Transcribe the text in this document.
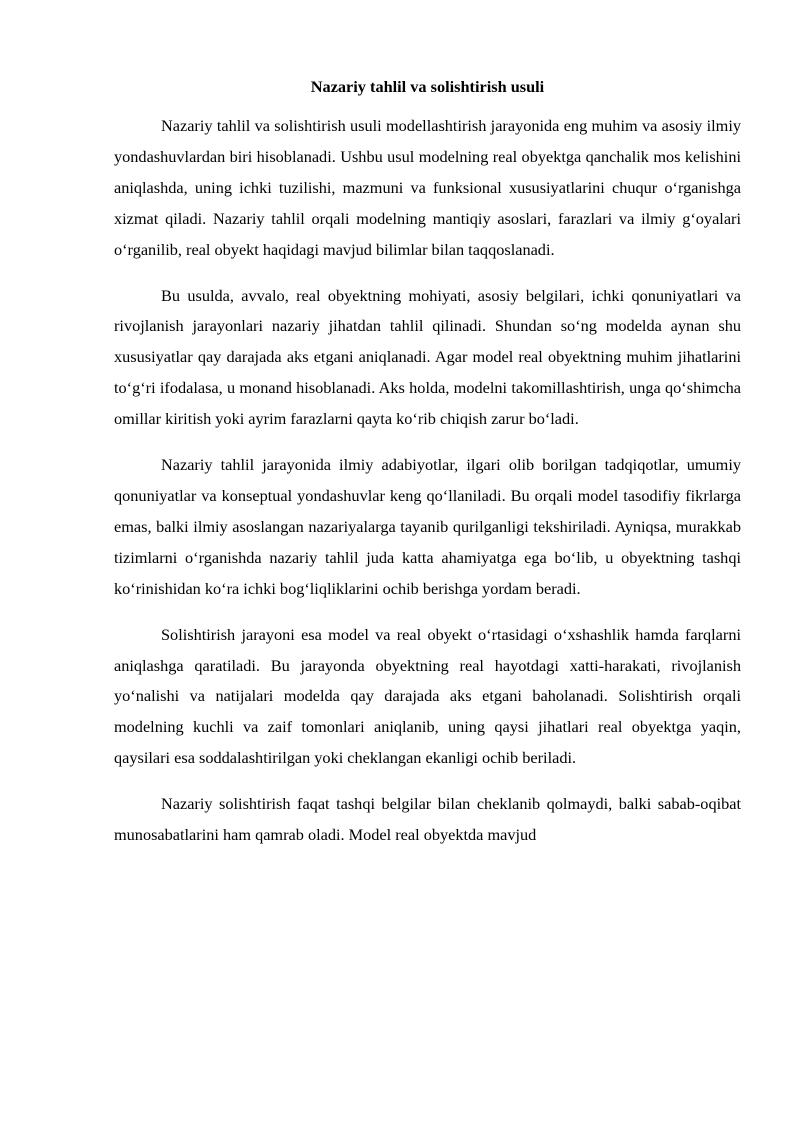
Nazariy tahlil va solishtirish usuli

Nazariy tahlil va solishtirish usuli modellashtirish jarayonida eng muhim va asosiy ilmiy yondashuvlardan biri hisoblanadi. Ushbu usul modelning real obyektga qanchalik mos kelishini aniqlashda, uning ichki tuzilishi, mazmuni va funksional xususiyatlarini chuqur o‘rganishga xizmat qiladi. Nazariy tahlil orqali modelning mantiqiy asoslari, farazlari va ilmiy g‘oyalari o‘rganilib, real obyekt haqidagi mavjud bilimlar bilan taqqoslanadi.

Bu usulda, avvalo, real obyektning mohiyati, asosiy belgilari, ichki qonuniyatlari va rivojlanish jarayonlari nazariy jihatdan tahlil qilinadi. Shundan so‘ng modelda aynan shu xususiyatlar qay darajada aks etgani aniqlanadi. Agar model real obyektning muhim jihatlarini to‘g‘ri ifodalasa, u monand hisoblanadi. Aks holda, modelni takomillashtirish, unga qo‘shimcha omillar kiritish yoki ayrim farazlarni qayta ko‘rib chiqish zarur bo‘ladi.

Nazariy tahlil jarayonida ilmiy adabiyotlar, ilgari olib borilgan tadqiqotlar, umumiy qonuniyatlar va konseptual yondashuvlar keng qo‘llaniladi. Bu orqali model tasodifiy fikrlarga emas, balki ilmiy asoslangan nazariyalarga tayanib qurilganligi tekshiriladi. Ayniqsa, murakkab tizimlarni o‘rganishda nazariy tahlil juda katta ahamiyatga ega bo‘lib, u obyektning tashqi ko‘rinishidan ko‘ra ichki bog‘liqliklarini ochib berishga yordam beradi.

Solishtirish jarayoni esa model va real obyekt o‘rtasidagi o‘xshashlik hamda farqlarni aniqlashga qaratiladi. Bu jarayonda obyektning real hayotdagi xatti-harakati, rivojlanish yo‘nalishi va natijalari modelda qay darajada aks etgani baholanadi. Solishtirish orqali modelning kuchli va zaif tomonlari aniqlanib, uning qaysi jihatlari real obyektga yaqin, qaysilari esa soddalashtirilgan yoki cheklangan ekanligi ochib beriladi.

Nazariy solishtirish faqat tashqi belgilar bilan cheklanib qolmaydi, balki sabab-oqibat munosabatlarini ham qamrab oladi. Model real obyektda mavjud
